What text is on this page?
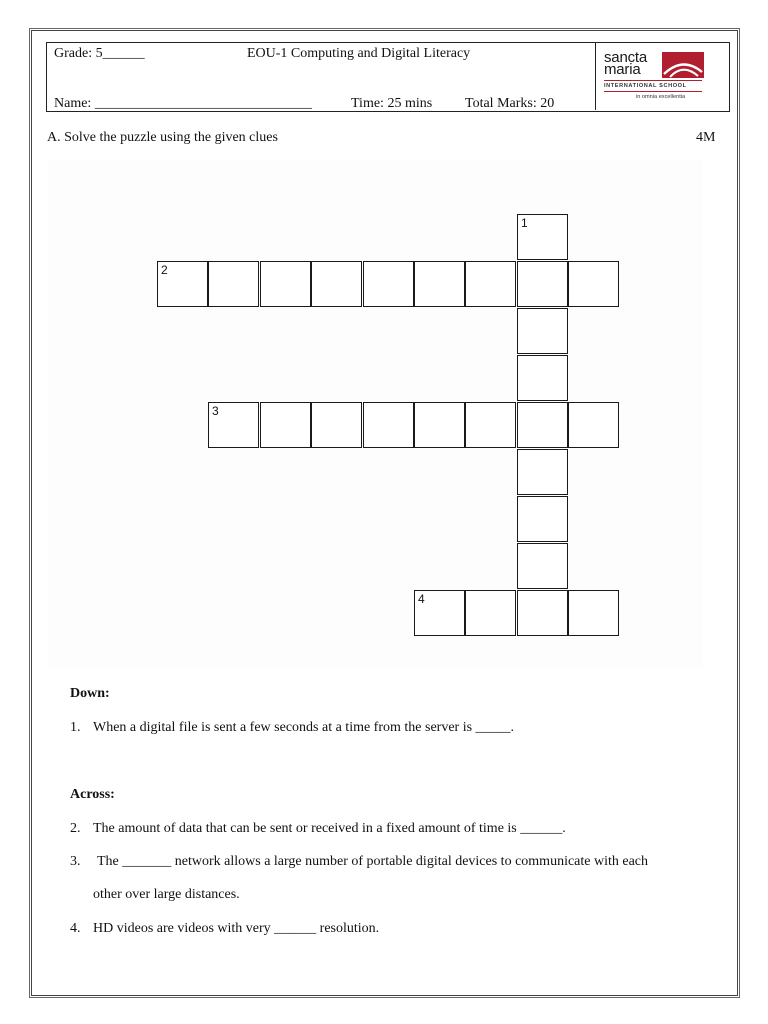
Grade: 5______	EOU-1 Computing and Digital Literacy
Name: _______________________________	Time: 25 mins Total Marks: 20
sancta
maria
INTERNATIONAL SCHOOL
in omnia excellentia
A. Solve the puzzle using the given clues	4M
1
2
3
4
Down:
1. When a digital file is sent a few seconds at a time from the server is _____.
Across:
2. The amount of data that can be sent or received in a fixed amount of time is ______.
3. The _______ network allows a large number of portable digital devices to communicate with each
other over large distances.
4. HD videos are videos with very ______ resolution.
